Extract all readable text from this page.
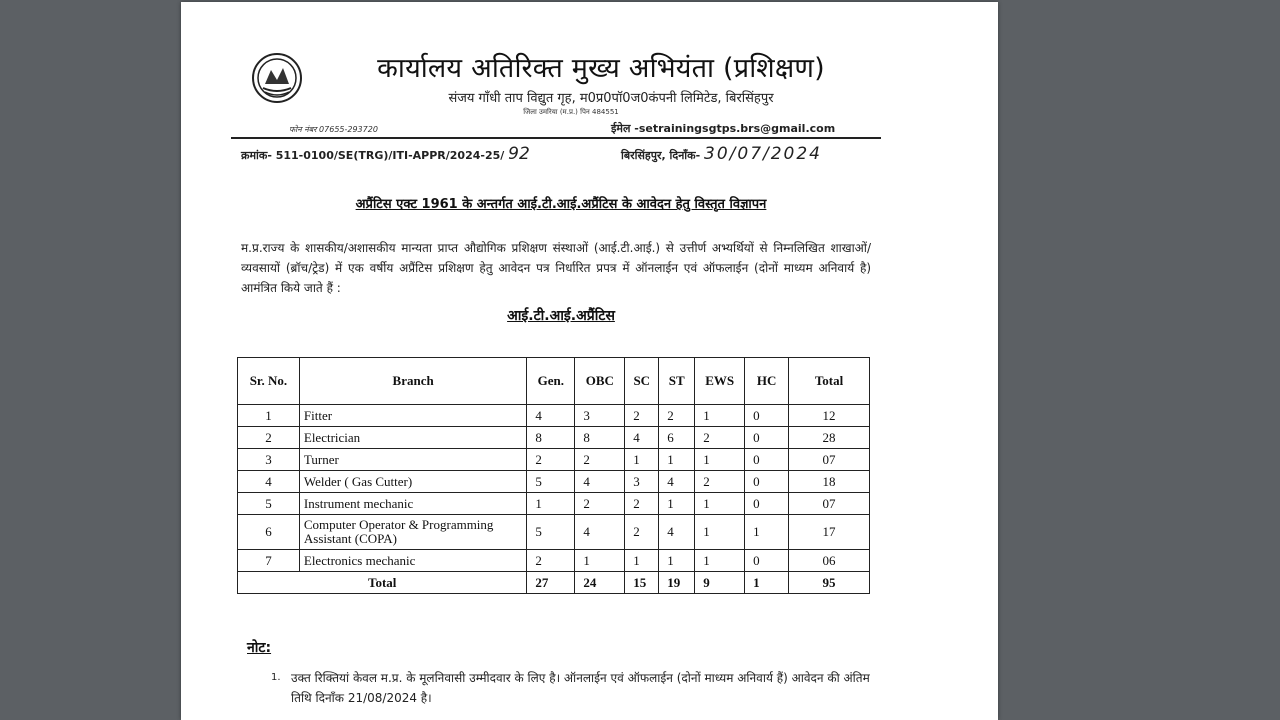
कार्यालय अतिरिक्त मुख्य अभियंता (प्रशिक्षण)
संजय गाँधी ताप विद्युत गृह, म0प्र0पॉ0ज0कंपनी लिमिटेड, बिरसिंहपुर
जिला उमरिया (म.प्र.) पिन 484551
फोन नंबर 07655-293720	ईमेल -setrainingsgtps.brs@gmail.com
क्रमांक- 511-0100/SE(TRG)/ITI-APPR/2024-25/ 92	बिरसिंहपुर, दिनाँक- 30/07/2024
अप्रैंटिस एक्ट 1961 के अन्तर्गत आई.टी.आई.अप्रैंटिस के आवेदन हेतु विस्तृत विज्ञापन
म.प्र.राज्य के शासकीय/अशासकीय मान्यता प्राप्त औद्योगिक प्रशिक्षण संस्थाओं (आई.टी.आई.) से उत्तीर्ण अभ्यर्थियों से निम्नलिखित शाखाओं/व्यवसायों (ब्रॉच/ट्रेड) में एक वर्षीय अप्रैंटिस प्रशिक्षण हेतु आवेदन पत्र निर्धारित प्रपत्र में ऑनलाईन एवं ऑफलाईन (दोनों माध्यम अनिवार्य है) आमंत्रित किये जाते हैं :
आई.टी.आई.अप्रैंटिस
Sr. No.	Branch	Gen.	OBC	SC	ST	EWS	HC	Total
1	Fitter	4	3	2	2	1	0	12
2	Electrician	8	8	4	6	2	0	28
3	Turner	2	2	1	1	1	0	07
4	Welder ( Gas Cutter)	5	4	3	4	2	0	18
5	Instrument mechanic	1	2	2	1	1	0	07
6	Computer Operator & Programming Assistant (COPA)	5	4	2	4	1	1	17
7	Electronics mechanic	2	1	1	1	1	0	06
Total		27	24	15	19	9	1	95
नोट:
1. उक्त रिक्तियां केवल म.प्र. के मूलनिवासी उम्मीदवार के लिए है। ऑनलाईन एवं ऑफलाईन (दोनों माध्यम अनिवार्य हैं) आवेदन की अंतिम तिथि दिनाँक 21/08/2024 है।
